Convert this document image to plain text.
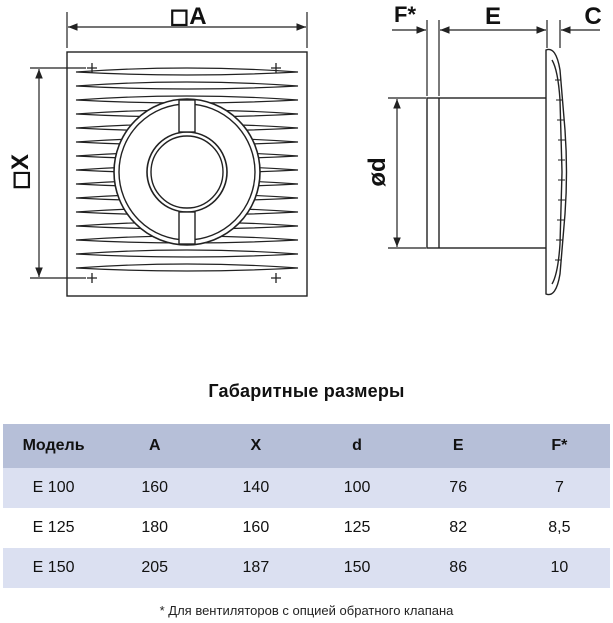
◻A
◻X
F*	E	C
ød
Габаритные размеры
Модель	A	X	d	E	F*
E 100	160	140	100	76	7
E 125	180	160	125	82	8,5
E 150	205	187	150	86	10
* Для вентиляторов с опцией обратного клапана
